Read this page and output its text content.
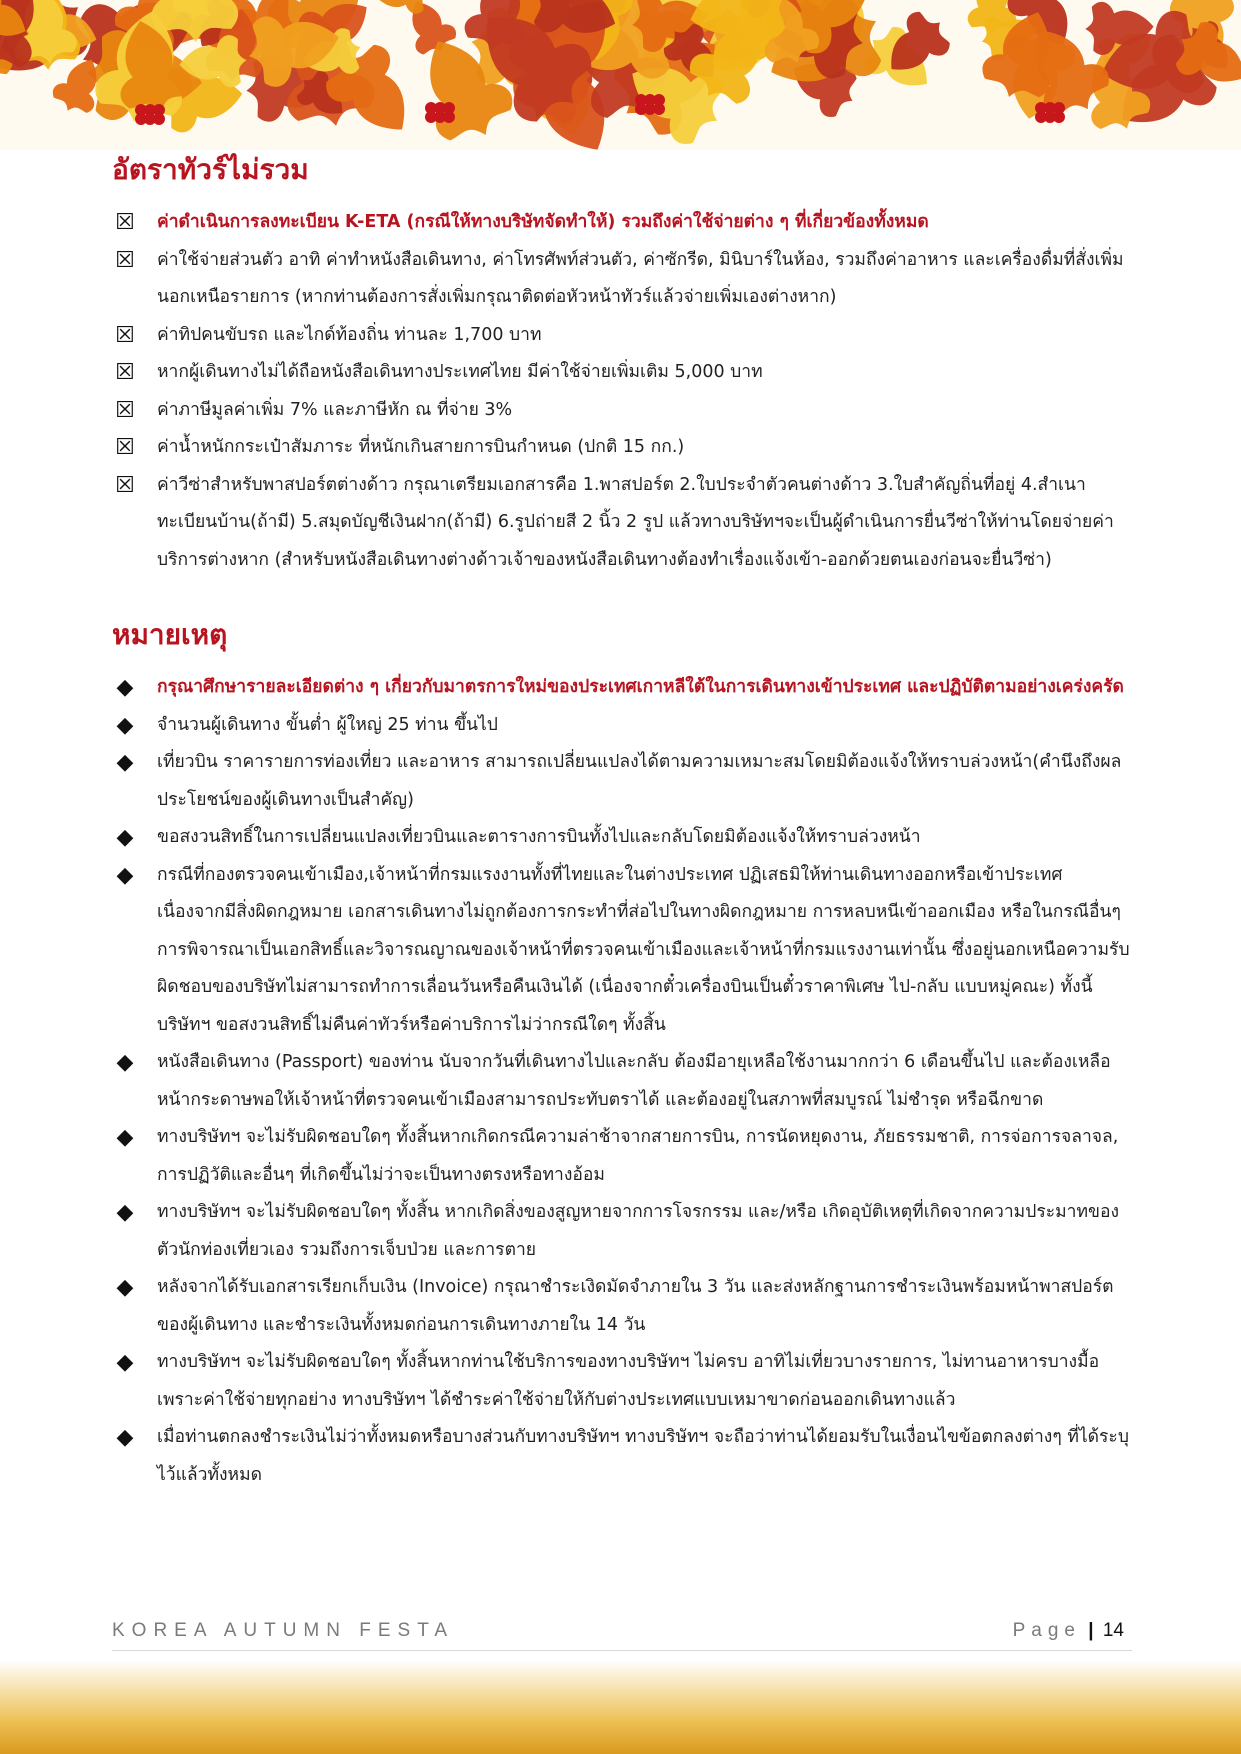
อัตราทัวร์ไม่รวม
☒ ค่าดำเนินการลงทะเบียน K-ETA (กรณีให้ทางบริษัทจัดทำให้) รวมถึงค่าใช้จ่ายต่าง ๆ ที่เกี่ยวข้องทั้งหมด
☒ ค่าใช้จ่ายส่วนตัว อาทิ ค่าทำหนังสือเดินทาง, ค่าโทรศัพท์ส่วนตัว, ค่าซักรีด, มินิบาร์ในห้อง, รวมถึงค่าอาหาร และเครื่องดื่มที่สั่งเพิ่มนอกเหนือรายการ (หากท่านต้องการสั่งเพิ่มกรุณาติดต่อหัวหน้าทัวร์แล้วจ่ายเพิ่มเองต่างหาก)
☒ ค่าทิปคนขับรถ และไกด์ท้องถิ่น ท่านละ 1,700 บาท
☒ หากผู้เดินทางไม่ได้ถือหนังสือเดินทางประเทศไทย มีค่าใช้จ่ายเพิ่มเติม 5,000 บาท
☒ ค่าภาษีมูลค่าเพิ่ม 7% และภาษีหัก ณ ที่จ่าย 3%
☒ ค่าน้ำหนักกระเป๋าสัมภาระ ที่หนักเกินสายการบินกำหนด (ปกติ 15 กก.)
☒ ค่าวีซ่าสำหรับพาสปอร์ตต่างด้าว กรุณาเตรียมเอกสารคือ 1.พาสปอร์ต 2.ใบประจำตัวคนต่างด้าว 3.ใบสำคัญถิ่นที่อยู่ 4.สำเนาทะเบียนบ้าน(ถ้ามี) 5.สมุดบัญชีเงินฝาก(ถ้ามี) 6.รูปถ่ายสี 2 นิ้ว 2 รูป แล้วทางบริษัทฯจะเป็นผู้ดำเนินการยื่นวีซ่าให้ท่านโดยจ่ายค่าบริการต่างหาก (สำหรับหนังสือเดินทางต่างด้าวเจ้าของหนังสือเดินทางต้องทำเรื่องแจ้งเข้า-ออกด้วยตนเองก่อนจะยื่นวีซ่า)
หมายเหตุ
◆ กรุณาศึกษารายละเอียดต่าง ๆ เกี่ยวกับมาตรการใหม่ของประเทศเกาหลีใต้ในการเดินทางเข้าประเทศ และปฏิบัติตามอย่างเคร่งครัด
◆ จำนวนผู้เดินทาง ขั้นต่ำ ผู้ใหญ่ 25 ท่าน ขึ้นไป
◆ เที่ยวบิน ราคารายการท่องเที่ยว และอาหาร สามารถเปลี่ยนแปลงได้ตามความเหมาะสมโดยมิต้องแจ้งให้ทราบล่วงหน้า(คำนึงถึงผลประโยชน์ของผู้เดินทางเป็นสำคัญ)
◆ ขอสงวนสิทธิ์ในการเปลี่ยนแปลงเที่ยวบินและตารางการบินทั้งไปและกลับโดยมิต้องแจ้งให้ทราบล่วงหน้า
◆ กรณีที่กองตรวจคนเข้าเมือง,เจ้าหน้าที่กรมแรงงานทั้งที่ไทยและในต่างประเทศ ปฏิเสธมิให้ท่านเดินทางออกหรือเข้าประเทศ เนื่องจากมีสิ่งผิดกฎหมาย เอกสารเดินทางไม่ถูกต้องการกระทำที่ส่อไปในทางผิดกฎหมาย การหลบหนีเข้าออกเมือง หรือในกรณีอื่นๆการพิจารณาเป็นเอกสิทธิ์และวิจารณญาณของเจ้าหน้าที่ตรวจคนเข้าเมืองและเจ้าหน้าที่กรมแรงงานเท่านั้น ซึ่งอยู่นอกเหนือความรับผิดชอบของบริษัทไม่สามารถทำการเลื่อนวันหรือคืนเงินได้ (เนื่องจากตั๋วเครื่องบินเป็นตั๋วราคาพิเศษ ไป-กลับ แบบหมู่คณะ) ทั้งนี้บริษัทฯ ขอสงวนสิทธิ์ไม่คืนค่าทัวร์หรือค่าบริการไม่ว่ากรณีใดๆ ทั้งสิ้น
◆ หนังสือเดินทาง (Passport) ของท่าน นับจากวันที่เดินทางไปและกลับ ต้องมีอายุเหลือใช้งานมากกว่า 6 เดือนขึ้นไป และต้องเหลือหน้ากระดาษพอให้เจ้าหน้าที่ตรวจคนเข้าเมืองสามารถประทับตราได้ และต้องอยู่ในสภาพที่สมบูรณ์ ไม่ชำรุด หรือฉีกขาด
◆ ทางบริษัทฯ จะไม่รับผิดชอบใดๆ ทั้งสิ้นหากเกิดกรณีความล่าช้าจากสายการบิน, การนัดหยุดงาน, ภัยธรรมชาติ, การจ่อการจลาจล, การปฏิวัติและอื่นๆ ที่เกิดขึ้นไม่ว่าจะเป็นทางตรงหรือทางอ้อม
◆ ทางบริษัทฯ จะไม่รับผิดชอบใดๆ ทั้งสิ้น หากเกิดสิ่งของสูญหายจากการโจรกรรม และ/หรือ เกิดอุบัติเหตุที่เกิดจากความประมาทของตัวนักท่องเที่ยวเอง รวมถึงการเจ็บป่วย และการตาย
◆ หลังจากได้รับเอกสารเรียกเก็บเงิน (Invoice) กรุณาชำระเงิดมัดจำภายใน 3 วัน และส่งหลักฐานการชำระเงินพร้อมหน้าพาสปอร์ตของผู้เดินทาง และชำระเงินทั้งหมดก่อนการเดินทางภายใน 14 วัน
◆ ทางบริษัทฯ จะไม่รับผิดชอบใดๆ ทั้งสิ้นหากท่านใช้บริการของทางบริษัทฯ ไม่ครบ อาทิไม่เที่ยวบางรายการ, ไม่ทานอาหารบางมื้อเพราะค่าใช้จ่ายทุกอย่าง ทางบริษัทฯ ได้ชำระค่าใช้จ่ายให้กับต่างประเทศแบบเหมาขาดก่อนออกเดินทางแล้ว
◆ เมื่อท่านตกลงชำระเงินไม่ว่าทั้งหมดหรือบางส่วนกับทางบริษัทฯ ทางบริษัทฯ จะถือว่าท่านได้ยอมรับในเงื่อนไขข้อตกลงต่างๆ ที่ได้ระบุไว้แล้วทั้งหมด
KOREA AUTUMN FESTA	Page | 14
